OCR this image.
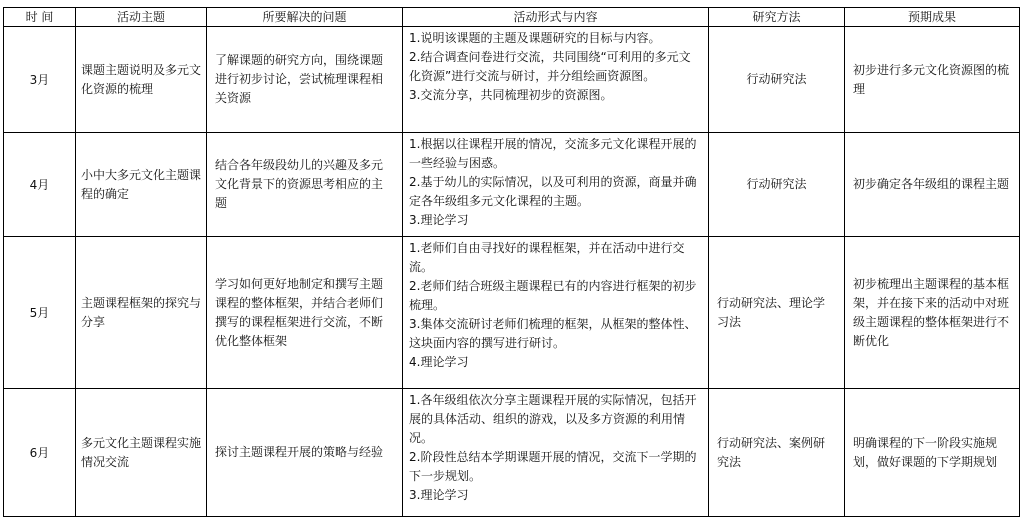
时 间	活动主题	所要解决的问题	活动形式与内容	研究方法	预期成果
3月	课题主题说明及多元文化资源的梳理	了解课题的研究方向，围绕课题进行初步讨论，尝试梳理课程相关资源	1.说明该课题的主题及课题研究的目标与内容。
2.结合调查问卷进行交流，共同围绕“可利用的多元文化资源”进行交流与研讨，并分组绘画资源图。
3.交流分享，共同梳理初步的资源图。	行动研究法	初步进行多元文化资源图的梳理
4月	小中大多元文化主题课程的确定	结合各年级段幼儿的兴趣及多元文化背景下的资源思考相应的主题	1.根据以往课程开展的情况，交流多元文化课程开展的一些经验与困惑。
2.基于幼儿的实际情况，以及可利用的资源，商量并确定各年级组多元文化课程的主题。
3.理论学习	行动研究法	初步确定各年级组的课程主题
5月	主题课程框架的探究与分享	学习如何更好地制定和撰写主题课程的整体框架，并结合老师们撰写的课程框架进行交流，不断优化整体框架	1.老师们自由寻找好的课程框架，并在活动中进行交流。
2.老师们结合班级主题课程已有的内容进行框架的初步梳理。
3.集体交流研讨老师们梳理的框架，从框架的整体性、这块面内容的撰写进行研讨。
4.理论学习	行动研究法、理论学习法	初步梳理出主题课程的基本框架，并在接下来的活动中对班级主题课程的整体框架进行不断优化
6月	多元文化主题课程实施情况交流	探讨主题课程开展的策略与经验	1.各年级组依次分享主题课程开展的实际情况，包括开展的具体活动、组织的游戏，以及多方资源的利用情况。
2.阶段性总结本学期课题开展的情况，交流下一学期的下一步规划。
3.理论学习	行动研究法、案例研究法	明确课程的下一阶段实施规划，做好课题的下学期规划
